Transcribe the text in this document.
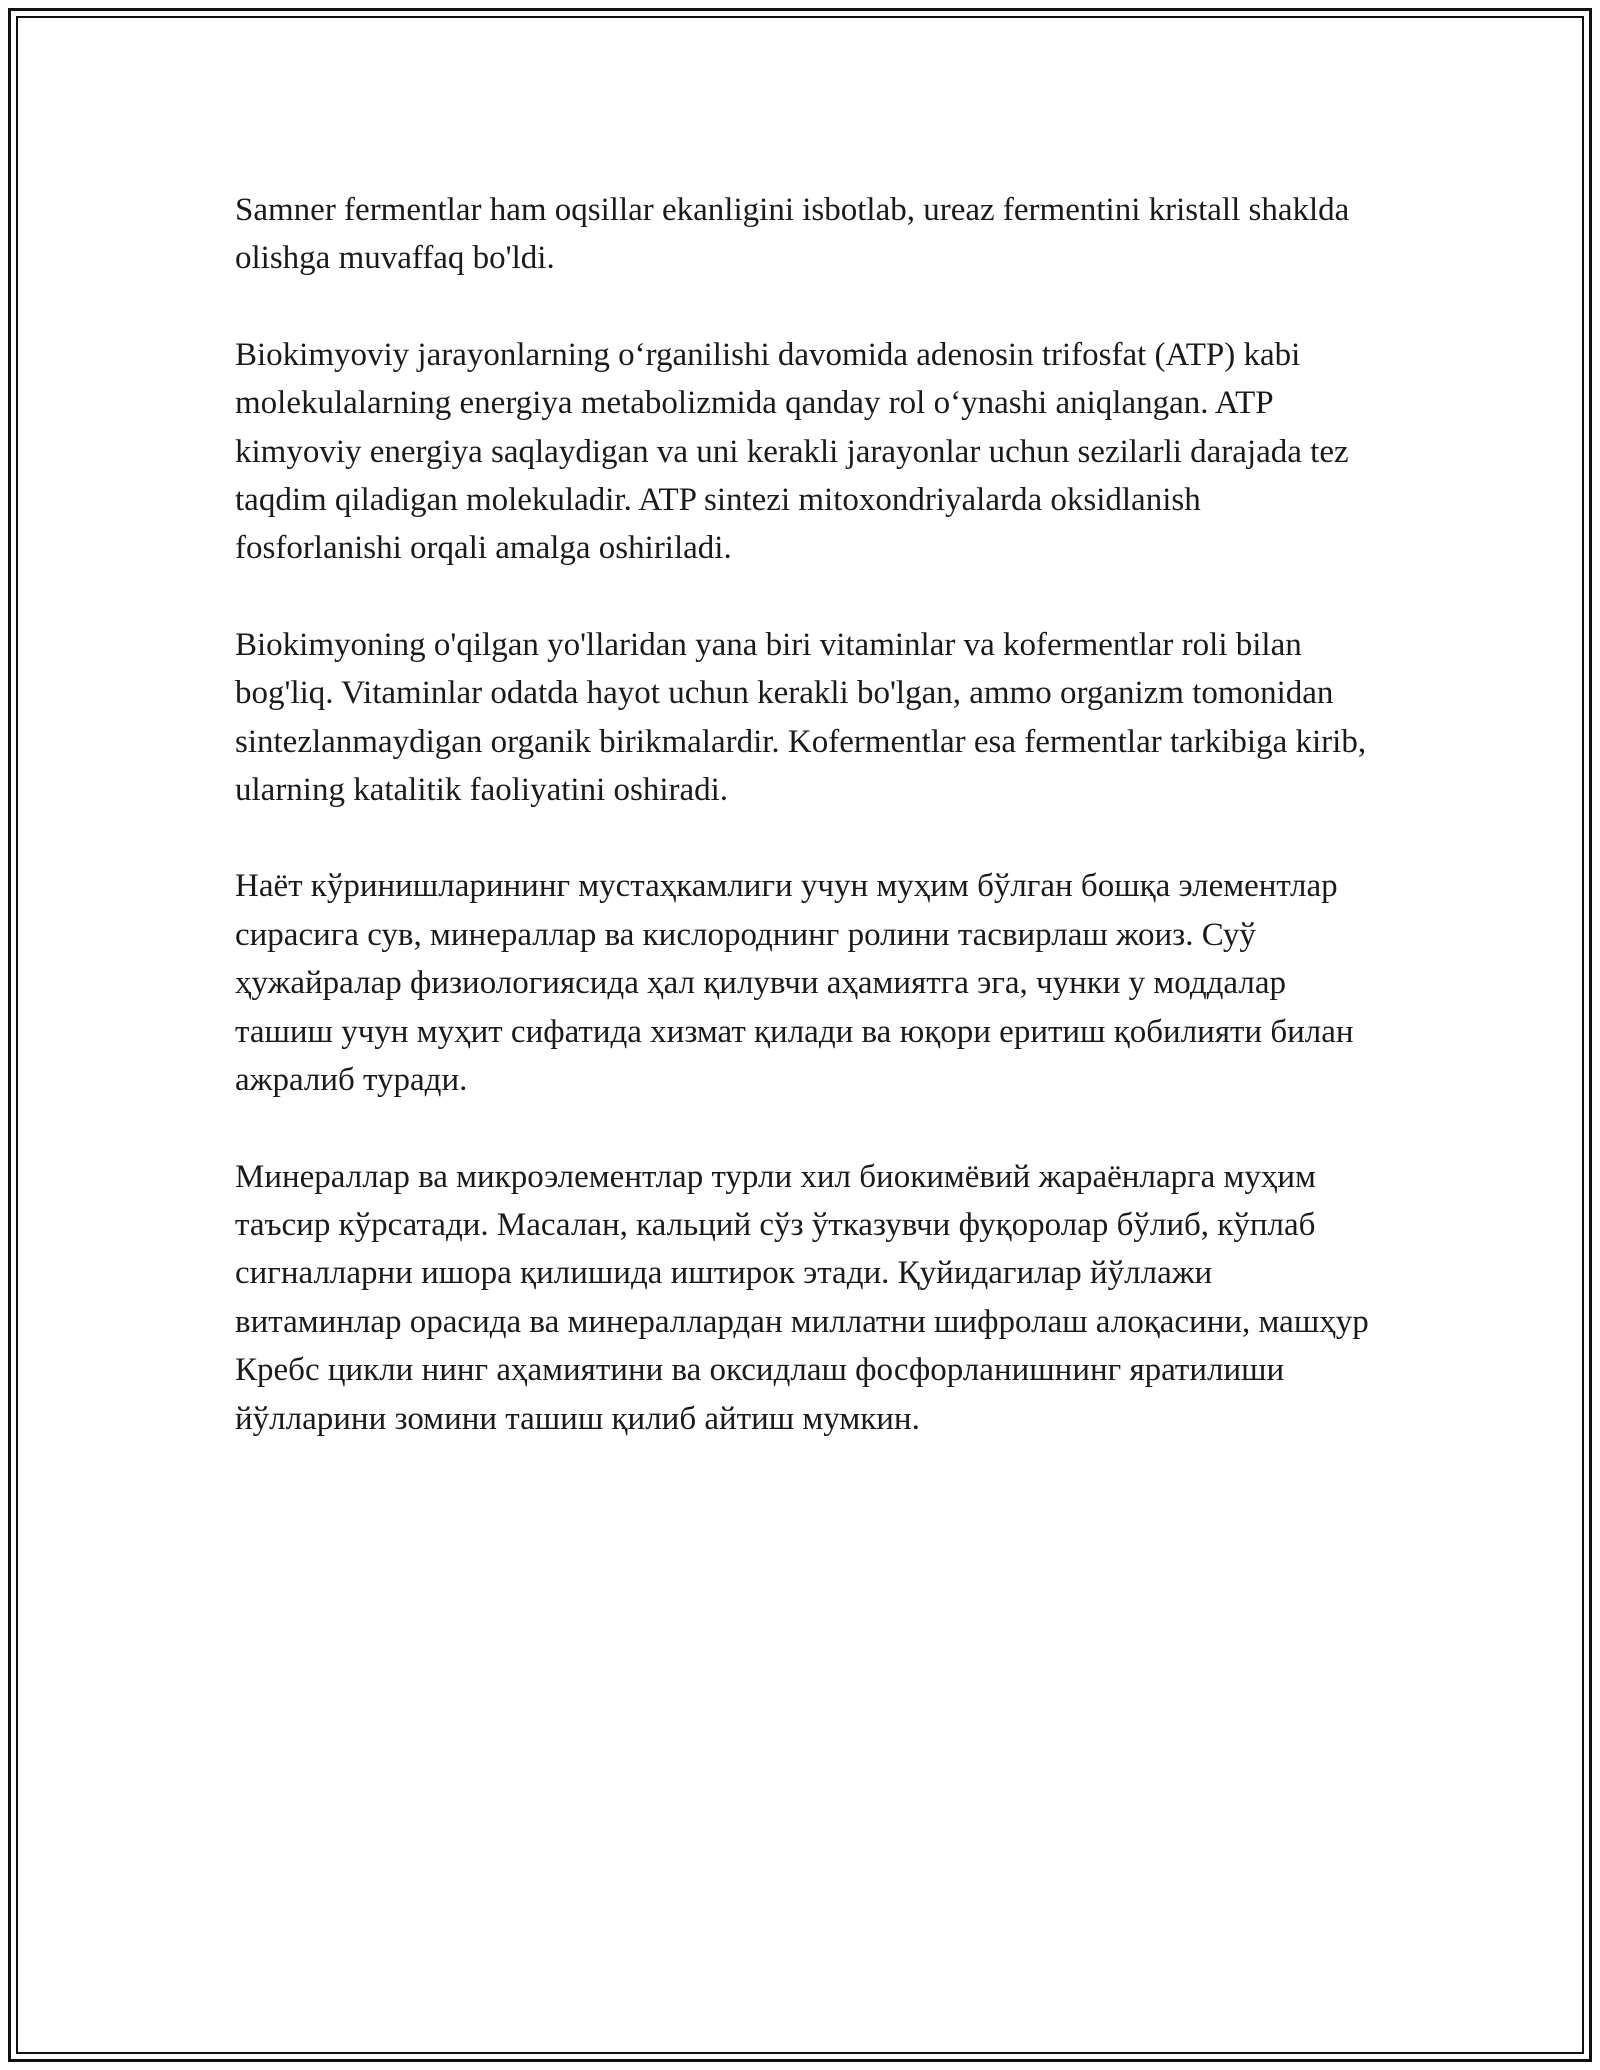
Samner fermentlar ham oqsillar ekanligini isbotlab, ureaz fermentini kristall shaklda olishga muvaffaq bo'ldi.

Biokimyoviy jarayonlarning o‘rganilishi davomida adenosin trifosfat (ATP) kabi molekulalarning energiya metabolizmida qanday rol o‘ynashi aniqlangan. ATP kimyoviy energiya saqlaydigan va uni kerakli jarayonlar uchun sezilarli darajada tez taqdim qiladigan molekuladir. ATP sintezi mitoxondriyalarda oksidlanish fosforlanishi orqali amalga oshiriladi.

Biokimyoning o'qilgan yo'llaridan yana biri vitaminlar va kofermentlar roli bilan bog'liq. Vitaminlar odatda hayot uchun kerakli bo'lgan, ammo organizm tomonidan sintezlanmaydigan organik birikmalardir. Kofermentlar esa fermentlar tarkibiga kirib, ularning katalitik faoliyatini oshiradi.

Наёт кўринишларининг мустаҳкамлиги учун муҳим бўлган бошқа элементлар сирасига сув, минераллар ва кислороднинг ролини тасвирлаш жоиз. Суў ҳужайралар физиологиясида ҳал қилувчи аҳамиятга эга, чунки у моддалар ташиш учун муҳит сифатида хизмат қилади ва юқори еритиш қобилияти билан ажралиб туради.

Минераллар ва микроэлементлар турли хил биокимёвий жараёнларга муҳим таъсир кўрсатади. Масалан, кальций сўз ўтказувчи фуқоролар бўлиб, кўплаб сигналларни ишора қилишида иштирок этади. Қуйидагилар йўллажи витаминлар орасида ва минераллардан миллатни шифролаш алоқасини, машҳур Кребс цикли нинг аҳамиятини ва оксидлаш фосфорланишнинг яратилиши йўлларини зомини ташиш қилиб айтиш мумкин.
